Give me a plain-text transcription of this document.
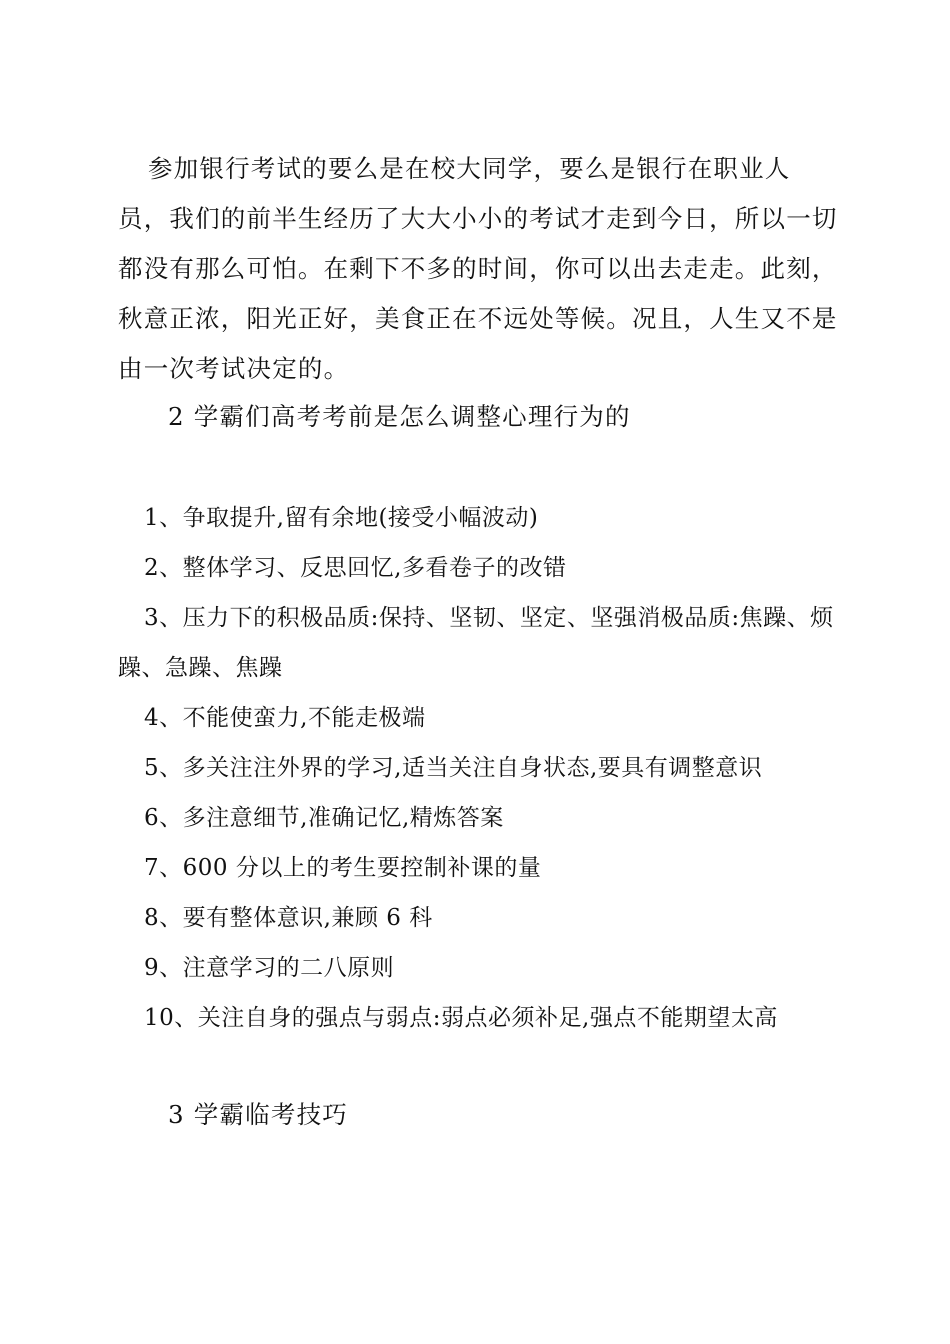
参加银行考试的要么是在校大同学，要么是银行在职业人员，我们的前半生经历了大大小小的考试才走到今日，所以一切都没有那么可怕。在剩下不多的时间，你可以出去走走。此刻，秋意正浓，阳光正好，美食正在不远处等候。况且，人生又不是由一次考试决定的。
2 学霸们高考考前是怎么调整心理行为的
1、争取提升,留有余地(接受小幅波动)
2、整体学习、反思回忆,多看卷子的改错
3、压力下的积极品质:保持、坚韧、坚定、坚强消极品质:焦躁、烦躁、急躁、焦躁
4、不能使蛮力,不能走极端
5、多关注注外界的学习,适当关注自身状态,要具有调整意识
6、多注意细节,准确记忆,精炼答案
7、600 分以上的考生要控制补课的量
8、要有整体意识,兼顾 6 科
9、注意学习的二八原则
10、关注自身的强点与弱点:弱点必须补足,强点不能期望太高
3 学霸临考技巧
